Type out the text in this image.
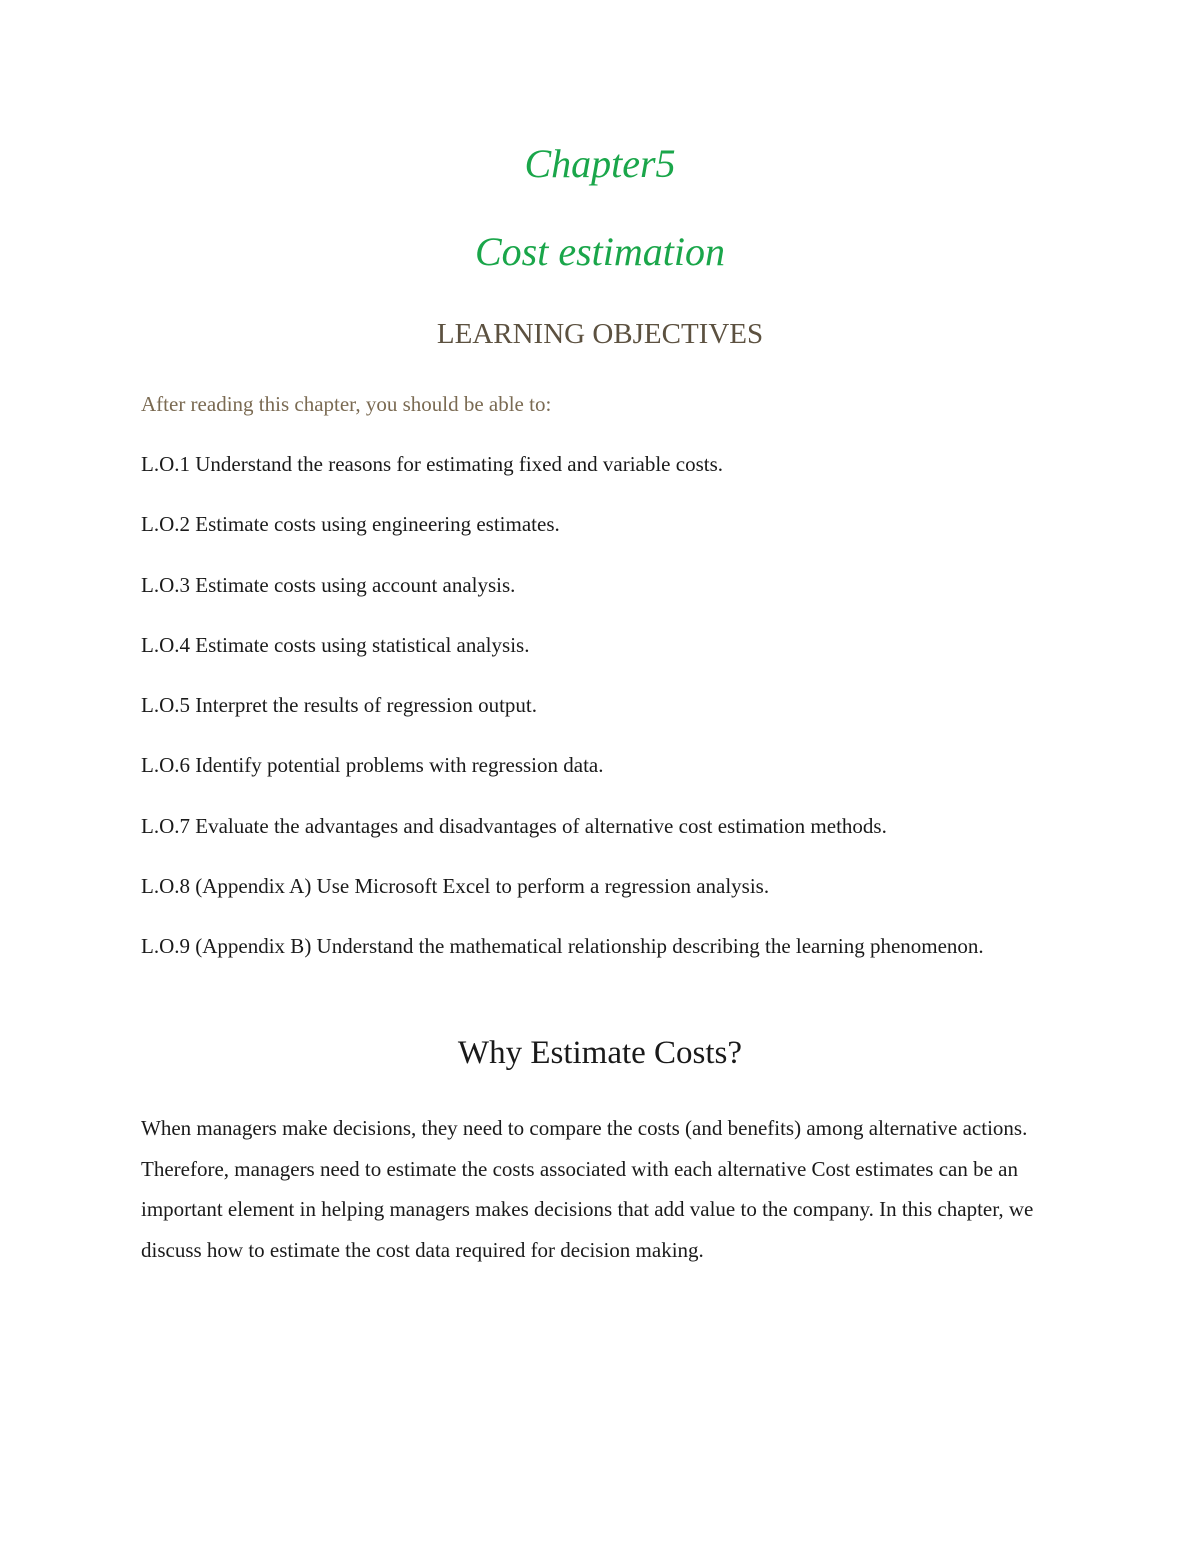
Chapter5
Cost estimation
LEARNING OBJECTIVES

After reading this chapter, you should be able to:

L.O.1 Understand the reasons for estimating fixed and variable costs.
L.O.2 Estimate costs using engineering estimates.
L.O.3 Estimate costs using account analysis.
L.O.4 Estimate costs using statistical analysis.
L.O.5 Interpret the results of regression output.
L.O.6 Identify potential problems with regression data.
L.O.7 Evaluate the advantages and disadvantages of alternative cost estimation methods.
L.O.8 (Appendix A) Use Microsoft Excel to perform a regression analysis.
L.O.9 (Appendix B) Understand the mathematical relationship describing the learning phenomenon.
Why Estimate Costs?

When managers make decisions, they need to compare the costs (and benefits) among alternative actions. Therefore, managers need to estimate the costs associated with each alternative Cost estimates can be an important element in helping managers makes decisions that add value to the company. In this chapter, we discuss how to estimate the cost data required for decision making.
